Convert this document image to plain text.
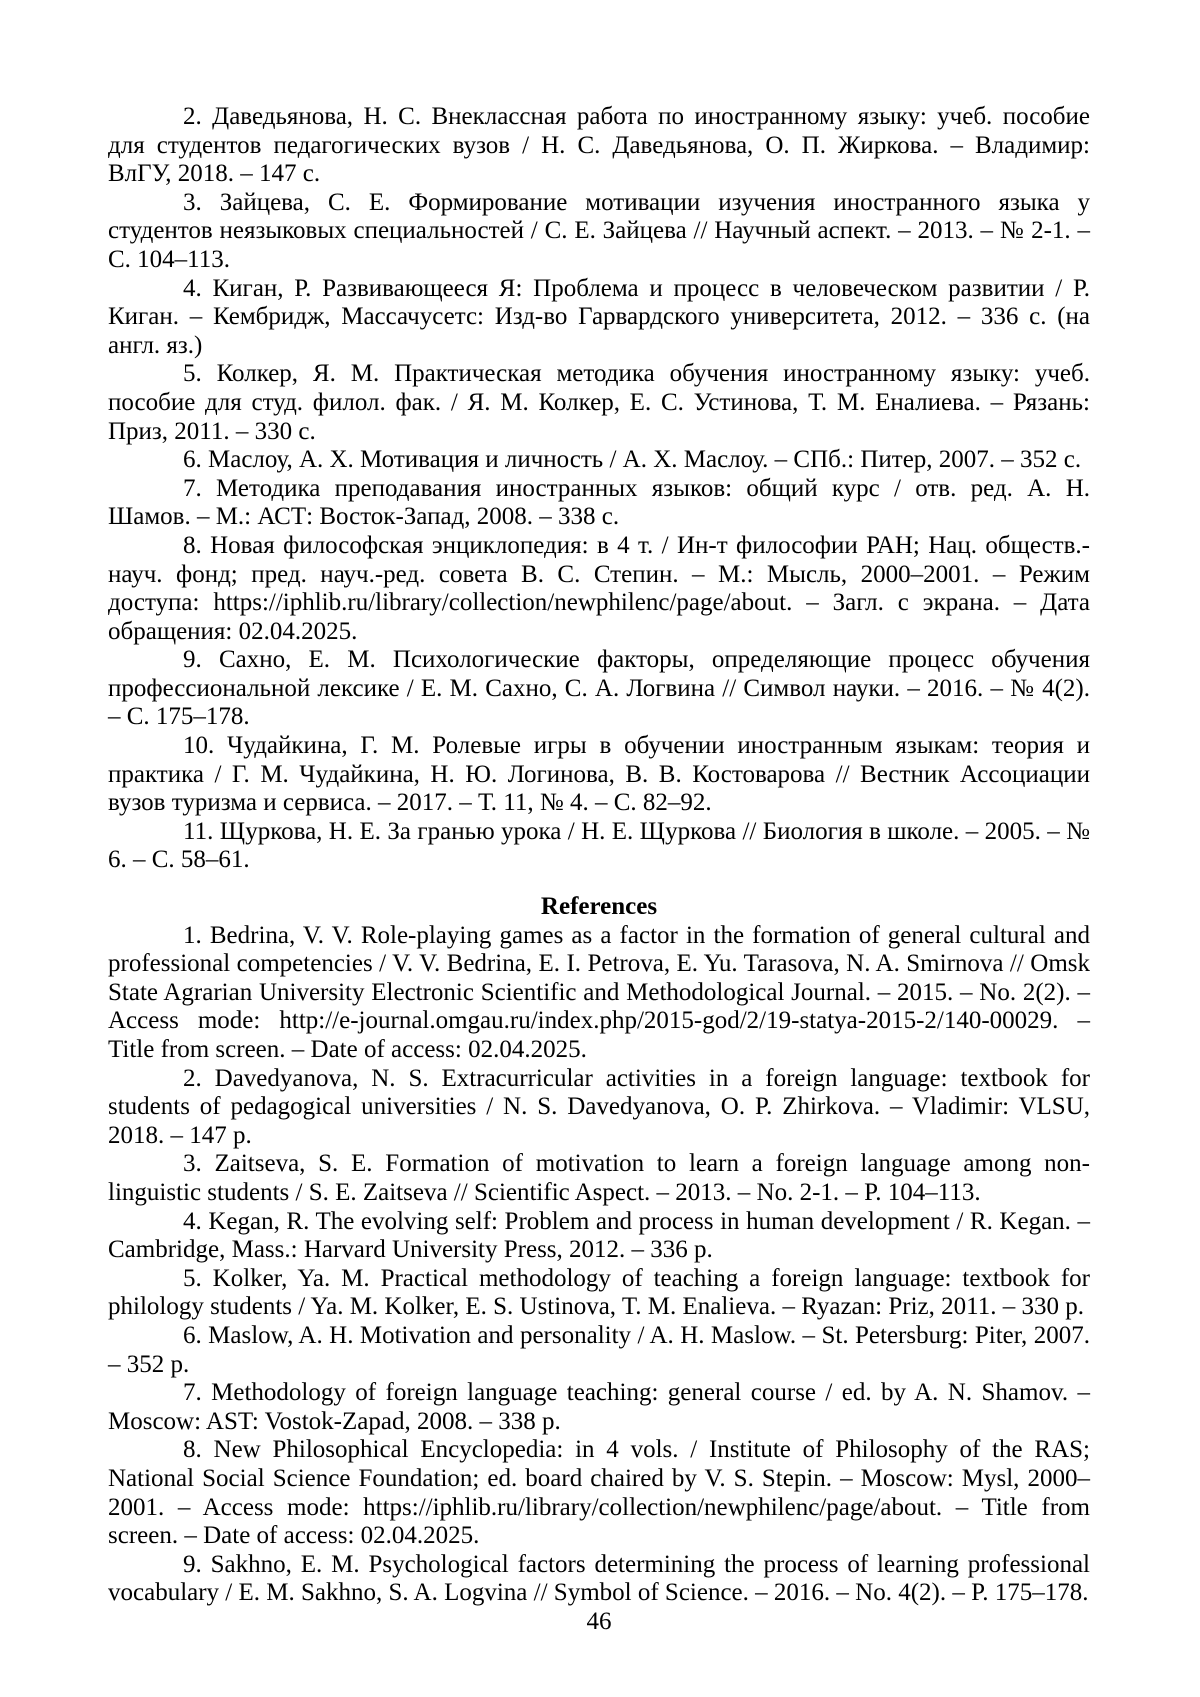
2. Даведьянова, Н. С. Внеклассная работа по иностранному языку: учеб. пособие для студентов педагогических вузов / Н. С. Даведьянова, О. П. Жиркова. – Владимир: ВлГУ, 2018. – 147 с.

3. Зайцева, С. Е. Формирование мотивации изучения иностранного языка у студентов неязыковых специальностей / С. Е. Зайцева // Научный аспект. – 2013. – № 2-1. – С. 104–113.

4. Киган, Р. Развивающееся Я: Проблема и процесс в человеческом развитии / Р. Киган. – Кембридж, Массачусетс: Изд-во Гарвардского университета, 2012. – 336 с. (на англ. яз.)

5. Колкер, Я. М. Практическая методика обучения иностранному языку: учеб. пособие для студ. филол. фак. / Я. М. Колкер, Е. С. Устинова, Т. М. Еналиева. – Рязань: Приз, 2011. – 330 с.

6. Маслоу, А. Х. Мотивация и личность / А. Х. Маслоу. – СПб.: Питер, 2007. – 352 с.

7. Методика преподавания иностранных языков: общий курс / отв. ред. А. Н. Шамов. – М.: АСТ: Восток-Запад, 2008. – 338 с.

8. Новая философская энциклопедия: в 4 т. / Ин-т философии РАН; Нац. обществ.-науч. фонд; пред. науч.-ред. совета В. С. Степин. – М.: Мысль, 2000–2001. – Режим доступа: https://iphlib.ru/library/collection/newphilenc/page/about. – Загл. с экрана. – Дата обращения: 02.04.2025.

9. Сахно, Е. М. Психологические факторы, определяющие процесс обучения профессиональной лексике / Е. М. Сахно, С. А. Логвина // Символ науки. – 2016. – № 4(2). – С. 175–178.

10. Чудайкина, Г. М. Ролевые игры в обучении иностранным языкам: теория и практика / Г. М. Чудайкина, Н. Ю. Логинова, В. В. Костоварова // Вестник Ассоциации вузов туризма и сервиса. – 2017. – Т. 11, № 4. – С. 82–92.

11. Щуркова, Н. Е. За гранью урока / Н. Е. Щуркова // Биология в школе. – 2005. – № 6. – С. 58–61.

References

1. Bedrina, V. V. Role-playing games as a factor in the formation of general cultural and professional competencies / V. V. Bedrina, E. I. Petrova, E. Yu. Tarasova, N. A. Smirnova // Omsk State Agrarian University Electronic Scientific and Methodological Journal. – 2015. – No. 2(2). – Access mode: http://e-journal.omgau.ru/index.php/2015-god/2/19-statya-2015-2/140-00029. – Title from screen. – Date of access: 02.04.2025.

2. Davedyanova, N. S. Extracurricular activities in a foreign language: textbook for students of pedagogical universities / N. S. Davedyanova, O. P. Zhirkova. – Vladimir: VLSU, 2018. – 147 p.

3. Zaitseva, S. E. Formation of motivation to learn a foreign language among non-linguistic students / S. E. Zaitseva // Scientific Aspect. – 2013. – No. 2-1. – P. 104–113.

4. Kegan, R. The evolving self: Problem and process in human development / R. Kegan. – Cambridge, Mass.: Harvard University Press, 2012. – 336 p.

5. Kolker, Ya. M. Practical methodology of teaching a foreign language: textbook for philology students / Ya. M. Kolker, E. S. Ustinova, T. M. Enalieva. – Ryazan: Priz, 2011. – 330 p.

6. Maslow, A. H. Motivation and personality / A. H. Maslow. – St. Petersburg: Piter, 2007. – 352 p.

7. Methodology of foreign language teaching: general course / ed. by A. N. Shamov. – Moscow: AST: Vostok-Zapad, 2008. – 338 p.

8. New Philosophical Encyclopedia: in 4 vols. / Institute of Philosophy of the RAS; National Social Science Foundation; ed. board chaired by V. S. Stepin. – Moscow: Mysl, 2000–2001. – Access mode: https://iphlib.ru/library/collection/newphilenc/page/about. – Title from screen. – Date of access: 02.04.2025.

9. Sakhno, E. M. Psychological factors determining the process of learning professional vocabulary / E. M. Sakhno, S. A. Logvina // Symbol of Science. – 2016. – No. 4(2). – P. 175–178.

46
